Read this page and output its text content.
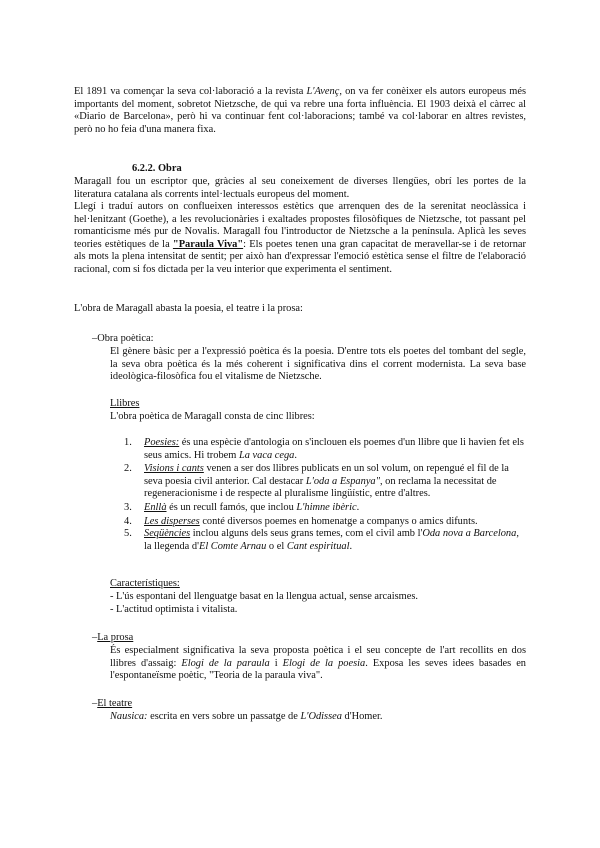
El 1891 va començar la seva col·laboració a la revista L'Avenç, on va fer conèixer els autors europeus més importants del moment, sobretot Nietzsche, de qui va rebre una forta influència. El 1903 deixà el càrrec al «Diario de Barcelona», però hi va continuar fent col·laboracions; també va col·laborar en altres revistes, però no ho feia d'una manera fixa.

6.2.2. Obra

Maragall fou un escriptor que, gràcies al seu coneixement de diverses llengües, obrí les portes de la literatura catalana als corrents intel·lectuals europeus del moment.

Llegí i traduí autors on conflueixen interessos estètics que arrenquen des de la serenitat neoclàssica i hel·lenitzant (Goethe), a les revolucionàries i exaltades propostes filosòfiques de Nietzsche, tot passant pel romanticisme més pur de Novalis. Maragall fou l'introductor de Nietzsche a la península. Aplicà les seves teories estètiques de la "Paraula Viva": Els poetes tenen una gran capacitat de meravellar-se i de retornar als mots la plena intensitat de sentit; per això han d'expressar l'emoció estètica sense el filtre de l'elaboració racional, com si fos dictada per la veu interior que experimenta el sentiment.

L'obra de Maragall abasta la poesia, el teatre i la prosa:

–Obra poètica:

El gènere bàsic per a l'expressió poètica és la poesia. D'entre tots els poetes del tombant del segle, la seva obra poètica és la més coherent i significativa dins el corrent modernista. La seva base ideològica-filosòfica fou el vitalisme de Nietzsche.

Llibres
L'obra poètica de Maragall consta de cinc llibres:
1. Poesies: és una espècie d'antologia on s'inclouen els poemes d'un llibre que li havien fet els seus amics. Hi trobem La vaca cega.
2. Visions i cants venen a ser dos llibres publicats en un sol volum, on repengué el fil de la seva poesia civil anterior. Cal destacar L'oda a Espanya", on reclama la necessitat de regeneracionisme i de respecte al pluralisme lingüístic, entre d'altres.
3. Enllà és un recull famós, que inclou L'himne ibèric.
4. Les disperses conté diversos poemes en homenatge a companys o amics difunts.
5. Seqüències inclou alguns dels seus grans temes, com el civil amb l'Oda nova a Barcelona, la llegenda d'El Comte Arnau o el Cant espiritual.
Característiques:
- L'ús espontani del llenguatge basat en la llengua actual, sense arcaismes.
- L'actitud optimista i vitalista.
–La prosa

És especialment significativa la seva proposta poètica i el seu concepte de l'art recollits en dos llibres d'assaig: Elogi de la paraula i Elogi de la poesia. Exposa les seves idees basades en l'espontaneïsme poètic, "Teoria de la paraula viva".

–El teatre
Nausica: escrita en vers sobre un passatge de L'Odissea d'Homer.
